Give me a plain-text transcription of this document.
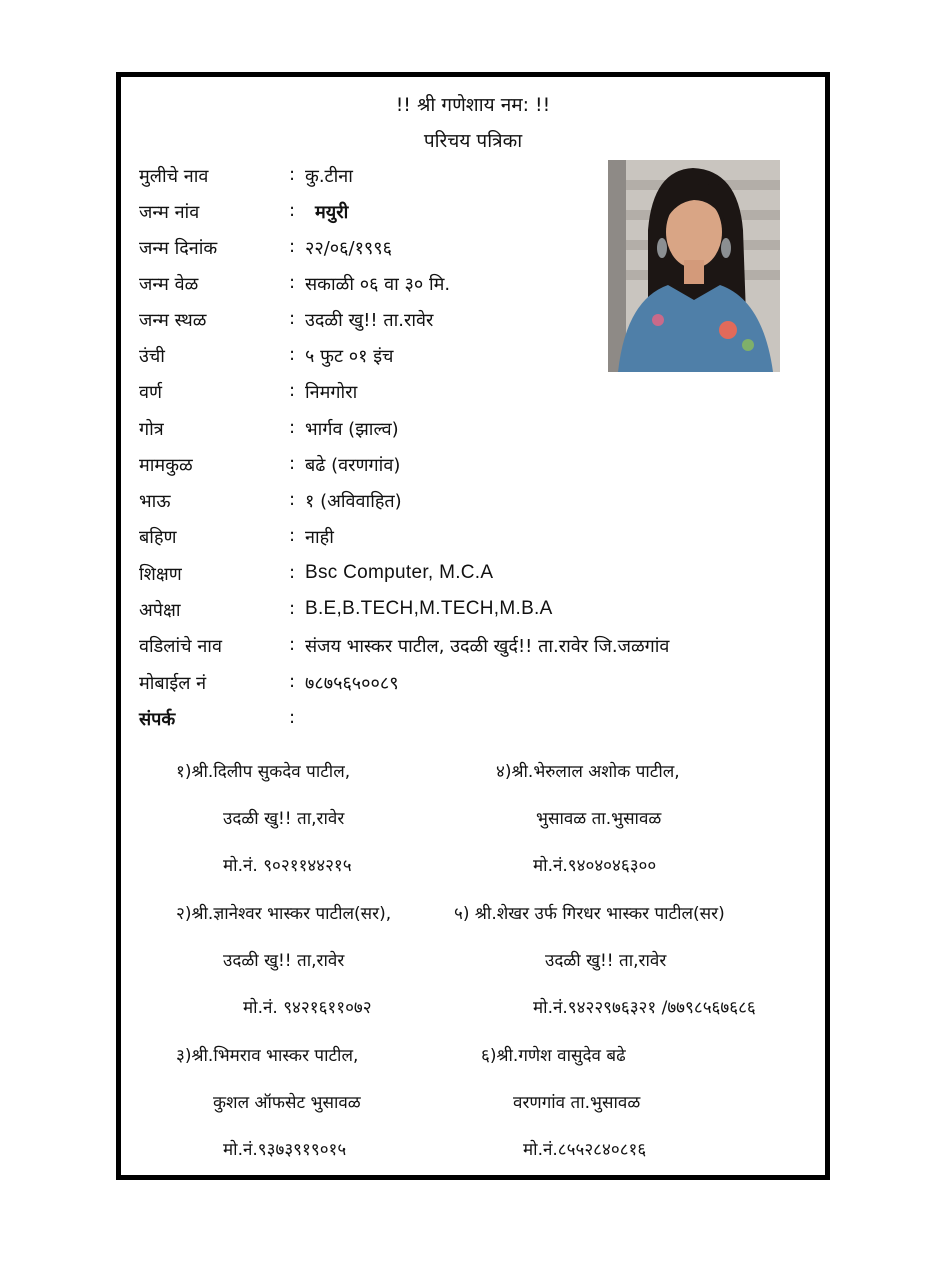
!! श्री गणेशाय नम: !!
परिचय पत्रिका
मुलीचे नाव	: कु.टीना
जन्म नांव	: मयुरी
जन्म दिनांक	: २२/०६/१९९६
जन्म वेळ	: सकाळी ०६ वा ३० मि.
जन्म स्थळ	: उदळी खु!! ता.रावेर
उंची	: ५ फुट ०१ इंच
वर्ण	: निमगोरा
गोत्र	: भार्गव (झाल्व)
मामकुळ	: बढे (वरणगांव)
भाऊ	: १ (अविवाहित)
बहिण	: नाही
शिक्षण	: Bsc Computer, M.C.A
अपेक्षा	: B.E,B.TECH,M.TECH,M.B.A
वडिलांचे नाव	: संजय भास्कर पाटील, उदळी खुर्द!! ता.रावेर जि.जळगांव
मोबाईल नं	: ७८७५६५००८९
संपर्क	:
१)श्री.दिलीप सुकदेव पाटील,
उदळी खु!! ता,रावेर
मो.नं. ९०२११४४२१५
२)श्री.ज्ञानेश्वर भास्कर पाटील(सर),
उदळी खु!! ता,रावेर
मो.नं. ९४२१६११०७२
३)श्री.भिमराव भास्कर पाटील,
कुशल ऑफसेट भुसावळ
मो.नं.९३७३९१९०१५
४)श्री.भेरुलाल अशोक पाटील,
भुसावळ ता.भुसावळ
मो.नं.९४०४०४६३००
५) श्री.शेखर उर्फ गिरधर भास्कर पाटील(सर)
उदळी खु!! ता,रावेर
मो.नं.९४२२९७६३२१ /७७९८५६७६८६
६)श्री.गणेश वासुदेव बढे
वरणगांव ता.भुसावळ
मो.नं.८५५२८४०८१६
